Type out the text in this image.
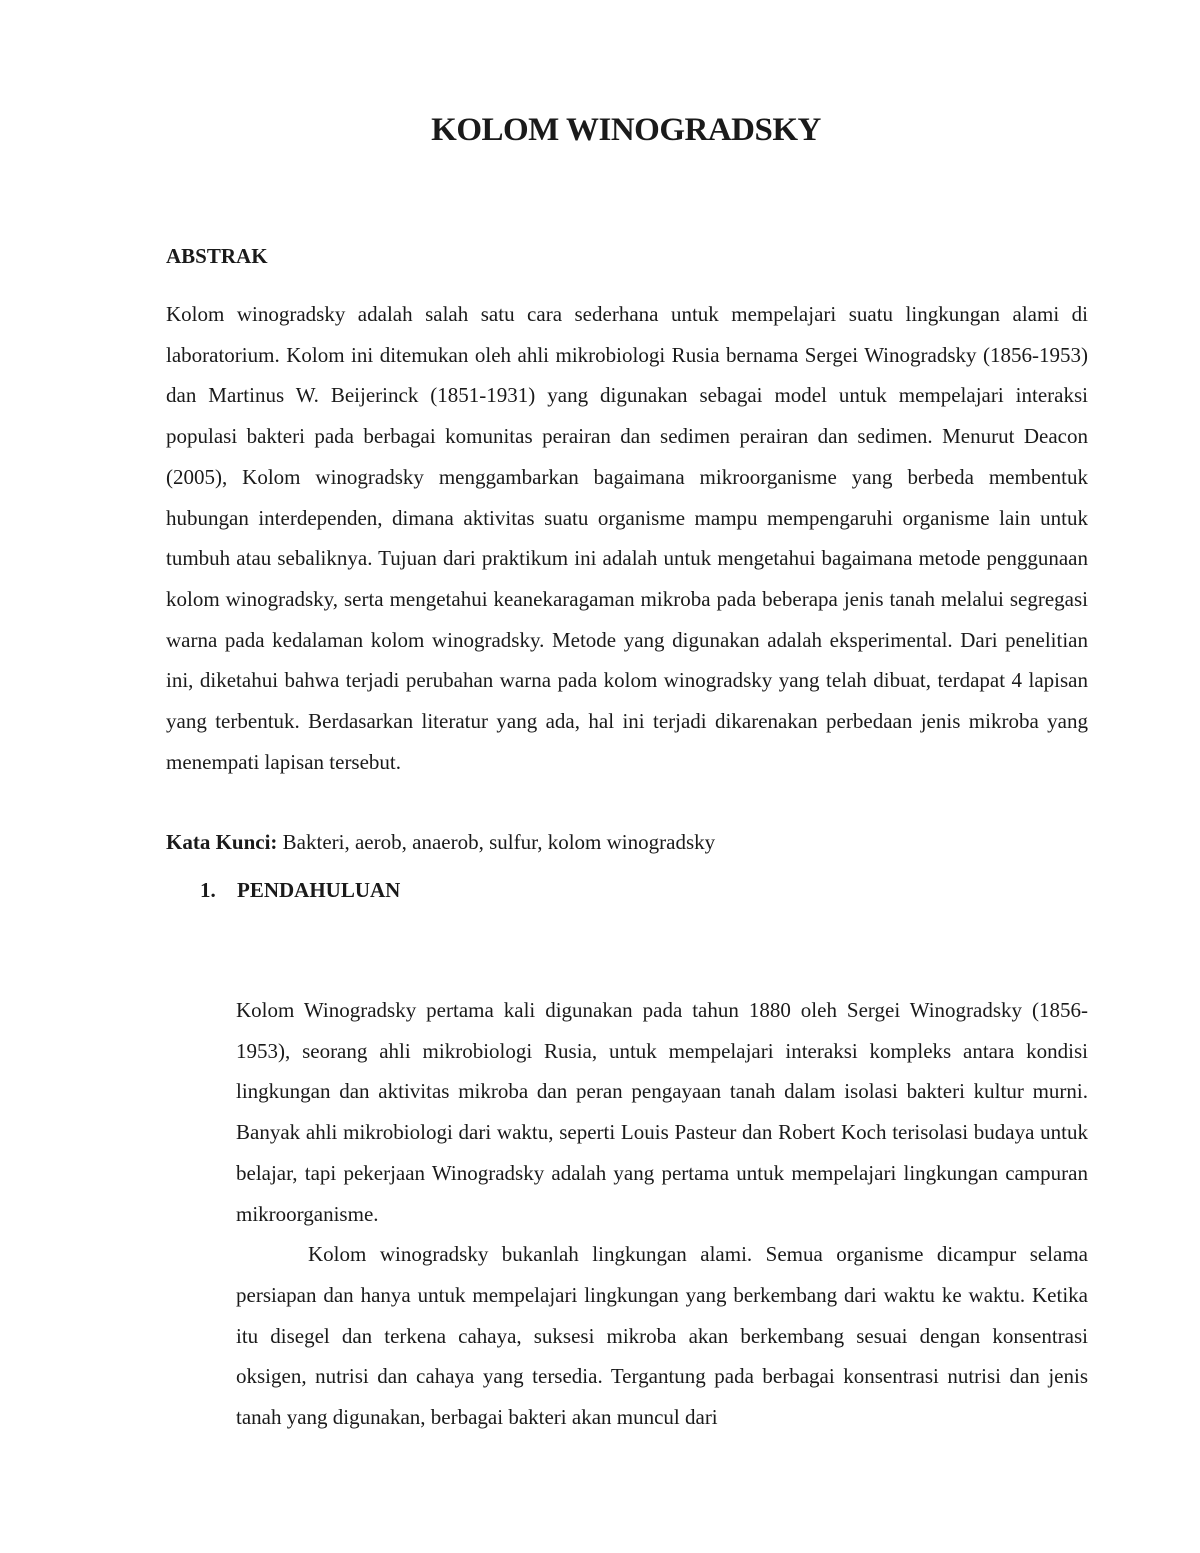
KOLOM WINOGRADSKY
ABSTRAK

Kolom winogradsky adalah salah satu cara sederhana untuk mempelajari suatu lingkungan alami di laboratorium. Kolom ini ditemukan oleh ahli mikrobiologi Rusia bernama Sergei Winogradsky (1856-1953) dan Martinus W. Beijerinck (1851-1931) yang digunakan sebagai model untuk mempelajari interaksi populasi bakteri pada berbagai komunitas perairan dan sedimen perairan dan sedimen. Menurut Deacon (2005), Kolom winogradsky menggambarkan bagaimana mikroorganisme yang berbeda membentuk hubungan interdependen, dimana aktivitas suatu organisme mampu mempengaruhi organisme lain untuk tumbuh atau sebaliknya. Tujuan dari praktikum ini adalah untuk mengetahui bagaimana metode penggunaan kolom winogradsky, serta mengetahui keanekaragaman mikroba pada beberapa jenis tanah melalui segregasi warna pada kedalaman kolom winogradsky. Metode yang digunakan adalah eksperimental. Dari penelitian ini, diketahui bahwa terjadi perubahan warna pada kolom winogradsky yang telah dibuat, terdapat 4 lapisan yang terbentuk. Berdasarkan literatur yang ada, hal ini terjadi dikarenakan perbedaan jenis mikroba yang menempati lapisan tersebut.

Kata Kunci: Bakteri, aerob, anaerob, sulfur, kolom winogradsky

1. PENDAHULUAN

Kolom Winogradsky pertama kali digunakan pada tahun 1880 oleh Sergei Winogradsky (1856-1953), seorang ahli mikrobiologi Rusia, untuk mempelajari interaksi kompleks antara kondisi lingkungan dan aktivitas mikroba dan peran pengayaan tanah dalam isolasi bakteri kultur murni. Banyak ahli mikrobiologi dari waktu, seperti Louis Pasteur dan Robert Koch terisolasi budaya untuk belajar, tapi pekerjaan Winogradsky adalah yang pertama untuk mempelajari lingkungan campuran mikroorganisme.

Kolom winogradsky bukanlah lingkungan alami. Semua organisme dicampur selama persiapan dan hanya untuk mempelajari lingkungan yang berkembang dari waktu ke waktu. Ketika itu disegel dan terkena cahaya, suksesi mikroba akan berkembang sesuai dengan konsentrasi oksigen, nutrisi dan cahaya yang tersedia. Tergantung pada berbagai konsentrasi nutrisi dan jenis tanah yang digunakan, berbagai bakteri akan muncul dari
